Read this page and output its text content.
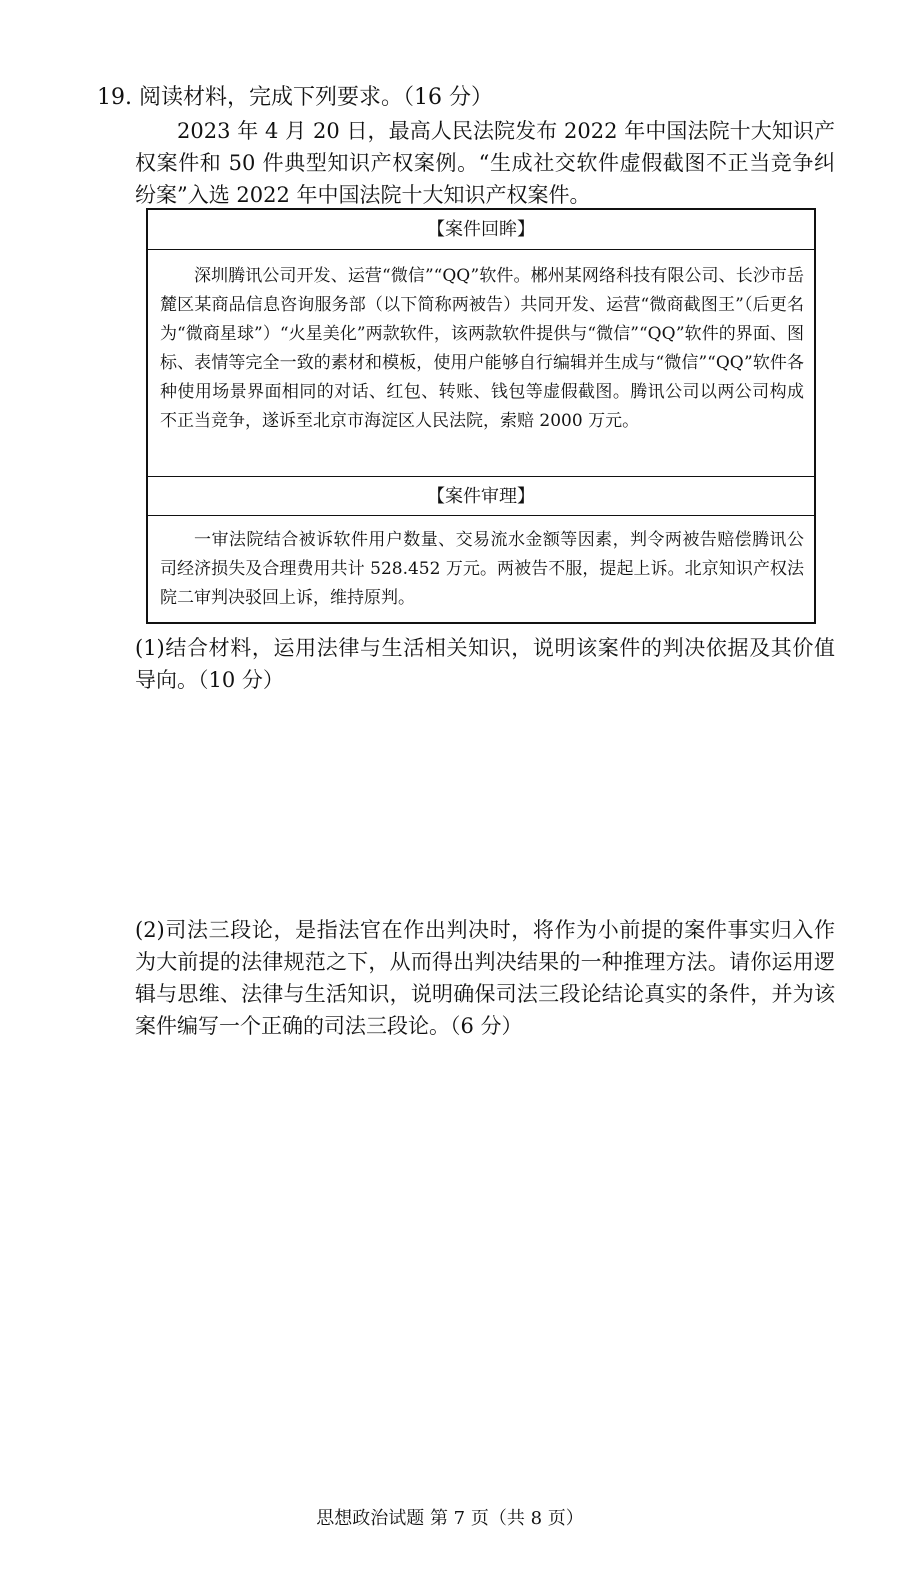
19. 阅读材料，完成下列要求。（16 分）
2023 年 4 月 20 日，最高人民法院发布 2022 年中国法院十大知识产权案件和 50 件典型知识产权案例。“生成社交软件虚假截图不正当竞争纠纷案”入选 2022 年中国法院十大知识产权案件。
【案件回眸】
深圳腾讯公司开发、运营“微信”“QQ”软件。郴州某网络科技有限公司、长沙市岳麓区某商品信息咨询服务部（以下简称两被告）共同开发、运营“微商截图王”（后更名为“微商星球”）“火星美化”两款软件，该两款软件提供与“微信”“QQ”软件的界面、图标、表情等完全一致的素材和模板，使用户能够自行编辑并生成与“微信”“QQ”软件各种使用场景界面相同的对话、红包、转账、钱包等虚假截图。腾讯公司以两公司构成不正当竞争，遂诉至北京市海淀区人民法院，索赔 2000 万元。
【案件审理】
一审法院结合被诉软件用户数量、交易流水金额等因素，判令两被告赔偿腾讯公司经济损失及合理费用共计 528.452 万元。两被告不服，提起上诉。北京知识产权法院二审判决驳回上诉，维持原判。
(1)结合材料，运用法律与生活相关知识，说明该案件的判决依据及其价值导向。（10 分）
(2)司法三段论，是指法官在作出判决时，将作为小前提的案件事实归入作为大前提的法律规范之下，从而得出判决结果的一种推理方法。请你运用逻辑与思维、法律与生活知识，说明确保司法三段论结论真实的条件，并为该案件编写一个正确的司法三段论。（6 分）
思想政治试题 第 7 页（共 8 页）
